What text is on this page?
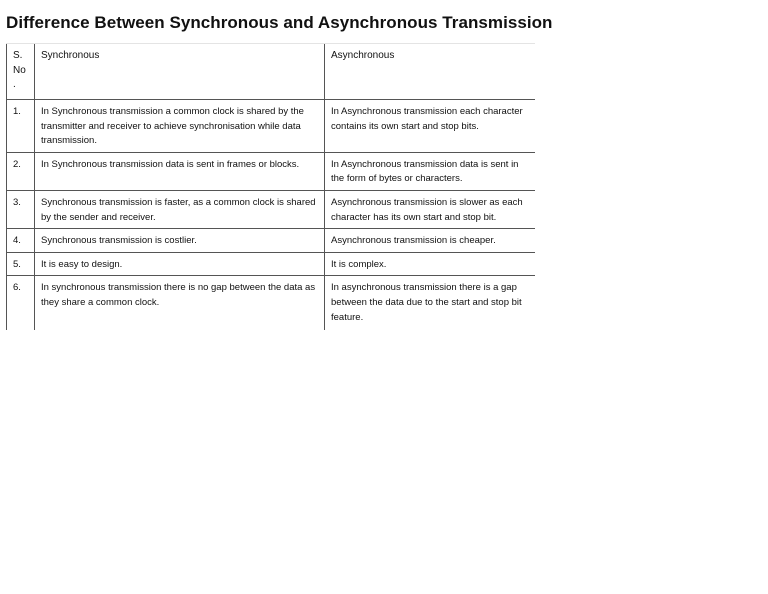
Difference Between Synchronous and Asynchronous Transmission
S. No .	Synchronous	Asynchronous
1.	In Synchronous transmission a common clock is shared by the transmitter and receiver to achieve synchronisation while data transmission.	In Asynchronous transmission each character contains its own start and stop bits.
2.	In Synchronous transmission data is sent in frames or blocks.	In Asynchronous transmission data is sent in the form of bytes or characters.
3.	Synchronous transmission is faster, as a common clock is shared by the sender and receiver.	Asynchronous transmission is slower as each character has its own start and stop bit.
4.	Synchronous transmission is costlier.	Asynchronous transmission is cheaper.
5.	It is easy to design.	It is complex.
6.	In synchronous transmission there is no gap between the data as they share a common clock.	In asynchronous transmission there is a gap between the data due to the start and stop bit feature.
